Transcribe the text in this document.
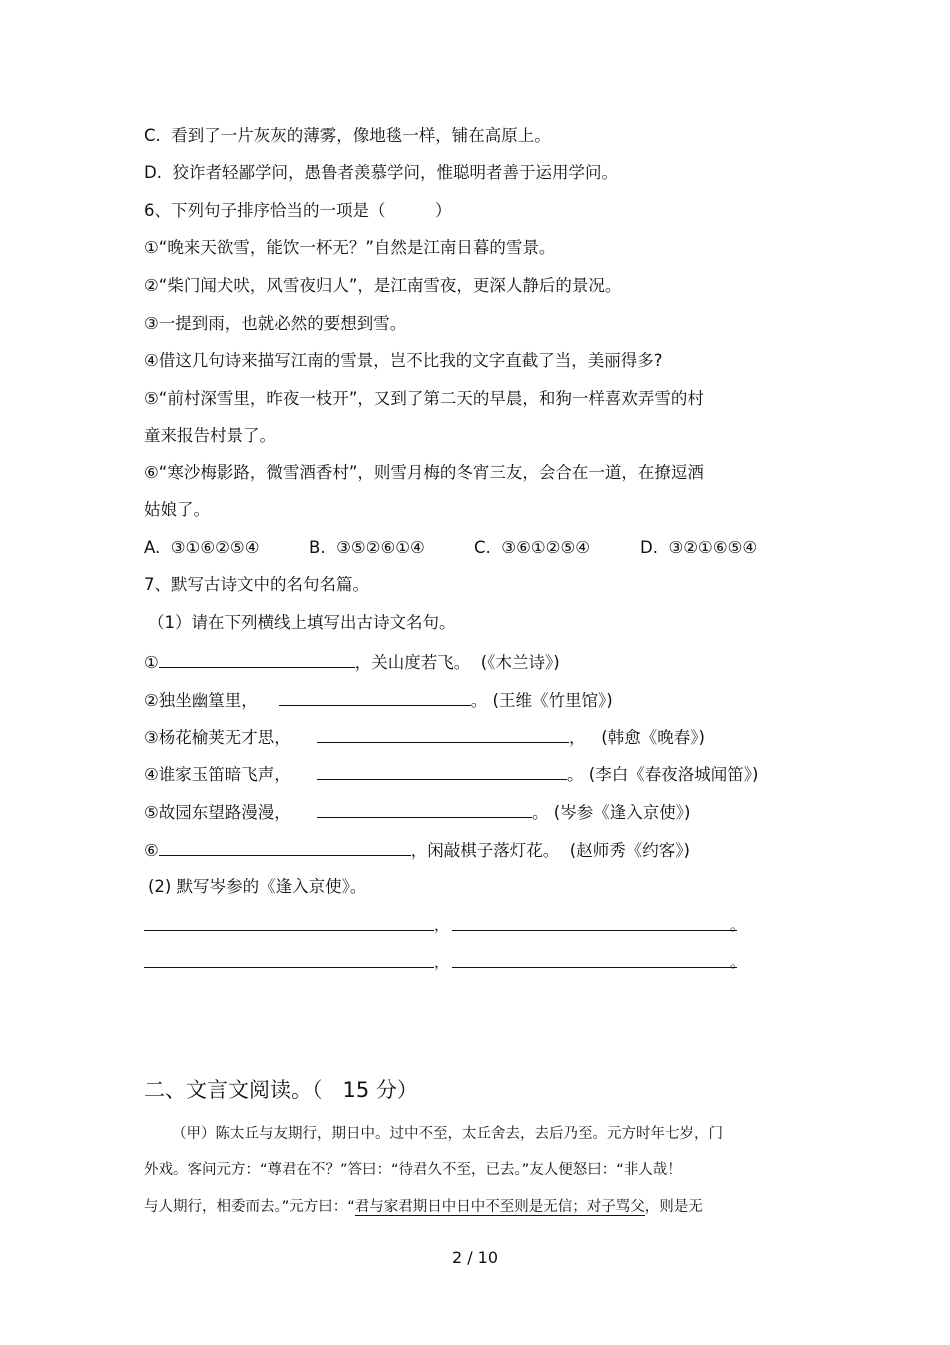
C. 看到了一片灰灰的薄雾，像地毯一样，铺在高原上。
D. 狡诈者轻鄙学问，愚鲁者羡慕学问，惟聪明者善于运用学问。
6、下列句子排序恰当的一项是（　　　）
①“晚来天欲雪，能饮一杯无？”自然是江南日暮的雪景。
②“柴门闻犬吠，风雪夜归人”，是江南雪夜，更深人静后的景况。
③一提到雨，也就必然的要想到雪。
④借这几句诗来描写江南的雪景，岂不比我的文字直截了当，美丽得多?
⑤“前村深雪里，昨夜一枝开”，又到了第二天的早晨，和狗一样喜欢弄雪的村
童来报告村景了。
⑥“寒沙梅影路，微雪酒香村”，则雪月梅的冬宵三友，会合在一道，在撩逗酒
姑娘了。
A. ③①⑥②⑤④	B. ③⑤②⑥①④	C. ③⑥①②⑤④	D. ③②①⑥⑤④
7、默写古诗文中的名句名篇。
（1）请在下列横线上填写出古诗文名句。
①	，关山度若飞。 (《木兰诗》)
②独坐幽篁里，	。 (王维《竹里馆》)
③杨花榆荚无才思，	， (韩愈《晚春》)
④谁家玉笛暗飞声，	。 (李白《春夜洛城闻笛》)
⑤故园东望路漫漫，	。 (岑参《逢入京使》)
⑥	，闲敲棋子落灯花。 (赵师秀《约客》)
(2) 默写岑参的《逢入京使》。
，	。
，	。
二、文言文阅读。（ 15 分）
（甲）陈太丘与友期行，期日中。过中不至，太丘舍去，去后乃至。元方时年七岁，门
外戏。客问元方：“尊君在不？”答曰：“待君久不至，已去。”友人便怒曰：“非人哉！
与人期行，相委而去。”元方曰：“君与家君期日中日中不至则是无信；对子骂父，则是无
2 / 10
